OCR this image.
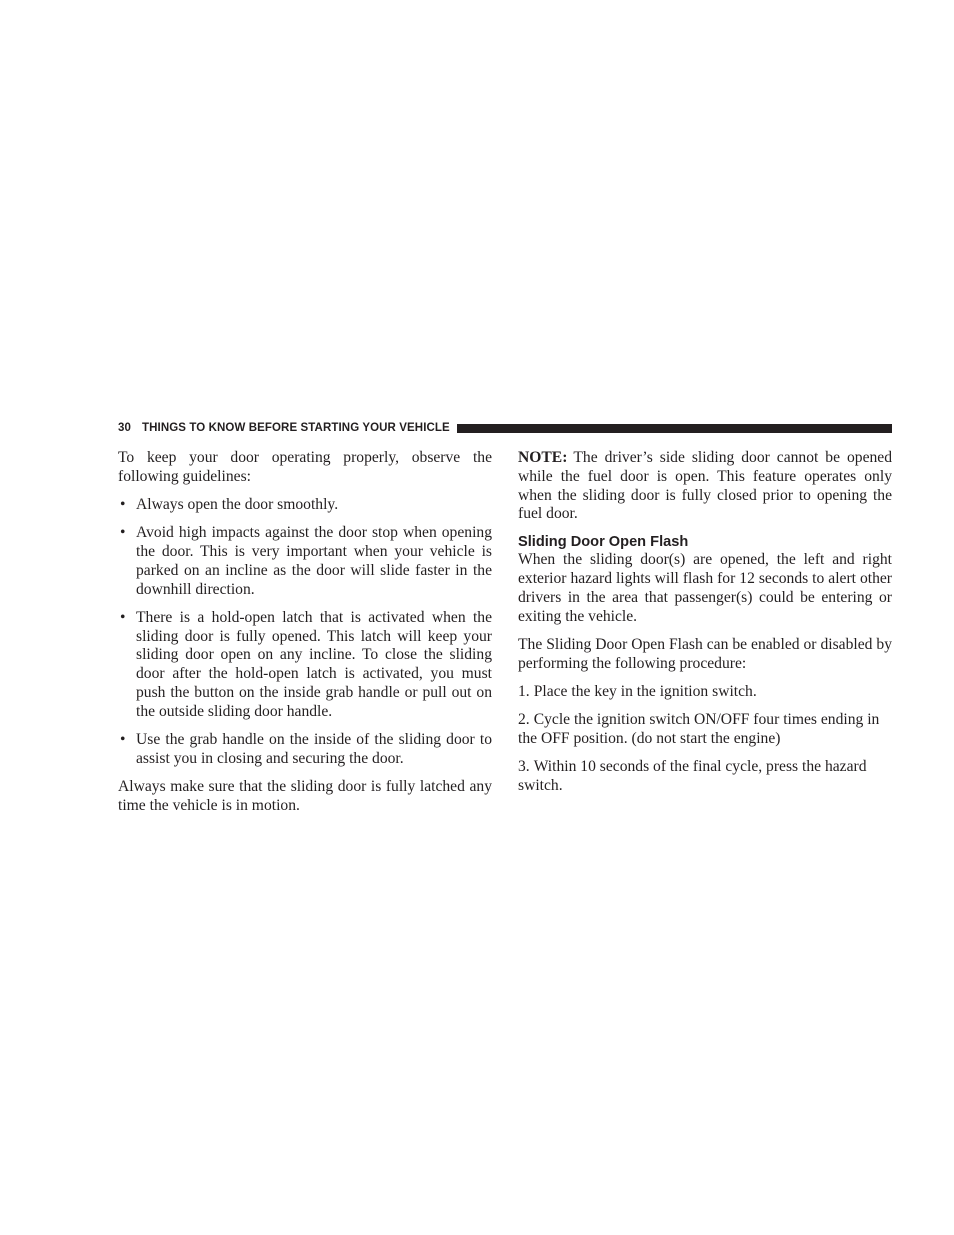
30 THINGS TO KNOW BEFORE STARTING YOUR VEHICLE

To keep your door operating properly, observe the following guidelines:

• Always open the door smoothly.
• Avoid high impacts against the door stop when opening the door. This is very important when your vehicle is parked on an incline as the door will slide faster in the downhill direction.
• There is a hold-open latch that is activated when the sliding door is fully opened. This latch will keep your sliding door open on any incline. To close the sliding door after the hold-open latch is activated, you must push the button on the inside grab handle or pull out on the outside sliding door handle.
• Use the grab handle on the inside of the sliding door to assist you in closing and securing the door.

Always make sure that the sliding door is fully latched any time the vehicle is in motion.

NOTE: The driver’s side sliding door cannot be opened while the fuel door is open. This feature operates only when the sliding door is fully closed prior to opening the fuel door.

Sliding Door Open Flash

When the sliding door(s) are opened, the left and right exterior hazard lights will flash for 12 seconds to alert other drivers in the area that passenger(s) could be entering or exiting the vehicle.

The Sliding Door Open Flash can be enabled or disabled by performing the following procedure:

1. Place the key in the ignition switch.

2. Cycle the ignition switch ON/OFF four times ending in the OFF position. (do not start the engine)

3. Within 10 seconds of the final cycle, press the hazard switch.
